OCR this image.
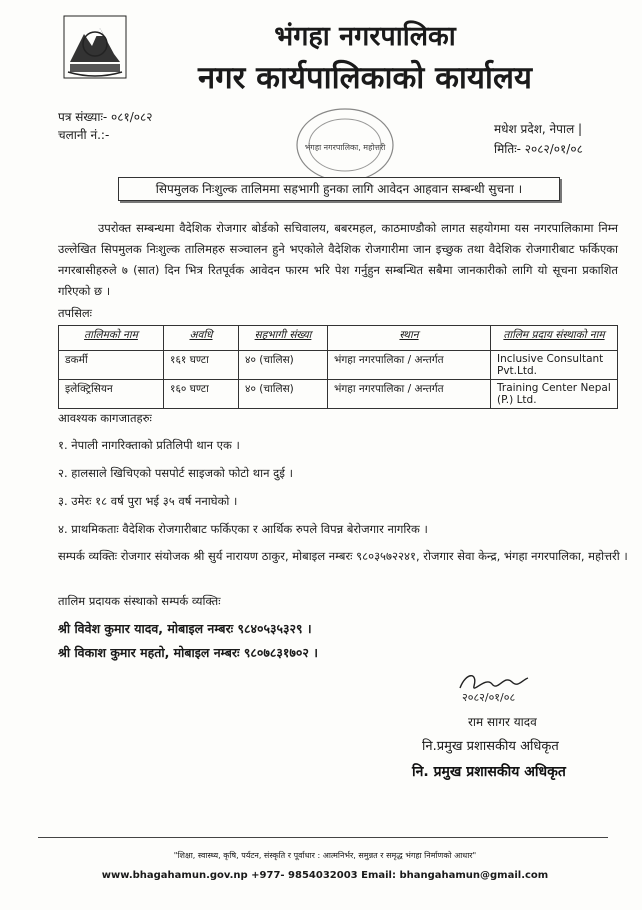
भंगहा नगरपालिका
नगर कार्यपालिकाको कार्यालय
पत्र संख्याः- ०८१/०८२
चलानी नं.:-	मधेश प्रदेश, नेपाल |
मितिः- २०८२/०१/०८
भंगहा नगरपालिका, महोत्तरी
सिपमुलक निःशुल्क तालिममा सहभागी हुनका लागि आवेदन आहवान सम्बन्धी सुचना ।
उपरोक्त सम्बन्धमा वैदेशिक रोजगार बोर्डको सचिवालय, बबरमहल, काठमाण्डौको लागत सहयोगमा यस नगरपालिकामा निम्न उल्लेखित सिपमुलक निःशुल्क तालिमहरु सञ्चालन हुने भएकोले वैदेशिक रोजगारीमा जान इच्छुक तथा वैदेशिक रोजगारीबाट फर्किएका नगरबासीहरुले ७ (सात) दिन भित्र रितपूर्वक आवेदन फारम भरि पेश गर्नुहुन सम्बन्धित सबैमा जानकारीको लागि यो सूचना प्रकाशित गरिएको छ ।
तपसिलः
तालिमको नाम	अवधि	सहभागी संख्या	स्थान	तालिम प्रदाय संस्थाको नाम
डकर्मी	१६१ घण्टा	४० (चालिस)	भंगहा नगरपालिका / अन्तर्गत	Inclusive Consultant Pvt.Ltd.
इलेक्ट्रिसियन	१६० घण्टा	४० (चालिस)	भंगहा नगरपालिका / अन्तर्गत	Training Center Nepal (P.) Ltd.
आवश्यक कागजातहरुः
१. नेपाली नागरिक्ताको प्रतिलिपी थान एक ।
२. हालसाले खिचिएको पसपोर्ट साइजको फोटो थान दुई ।
३. उमेरः १८ वर्ष पुरा भई ३५ वर्ष ननाघेको ।
४. प्राथमिकताः वैदेशिक रोजगारीबाट फर्किएका र आर्थिक रुपले विपन्न बेरोजगार नागरिक ।
सम्पर्क व्यक्तिः रोजगार संयोजक श्री सुर्य नारायण ठाकुर, मोबाइल नम्बरः ९८०३५७२२४१, रोजगार सेवा केन्द्र, भंगहा नगरपालिका, महोत्तरी ।
तालिम प्रदायक संस्थाको सम्पर्क व्यक्तिः
श्री विवेश कुमार यादव, मोबाइल नम्बरः ९८४०५३५३२९ ।
श्री विकाश कुमार महतो, मोबाइल नम्बरः ९८०७८३१७०२ ।
२०८२/०१/०८
राम सागर यादव
नि.प्रमुख प्रशासकीय अधिकृत
नि. प्रमुख प्रशासकीय अधिकृत
"शिक्षा, स्वास्थ्य, कृषि, पर्यटन, संस्कृति र पूर्वाधार : आत्मनिर्भर, समुन्नत र समृद्ध भंगहा निर्माणको आधार"
www.bhagahamun.gov.np +977- 9854032003 Email: bhangahamun@gmail.com
